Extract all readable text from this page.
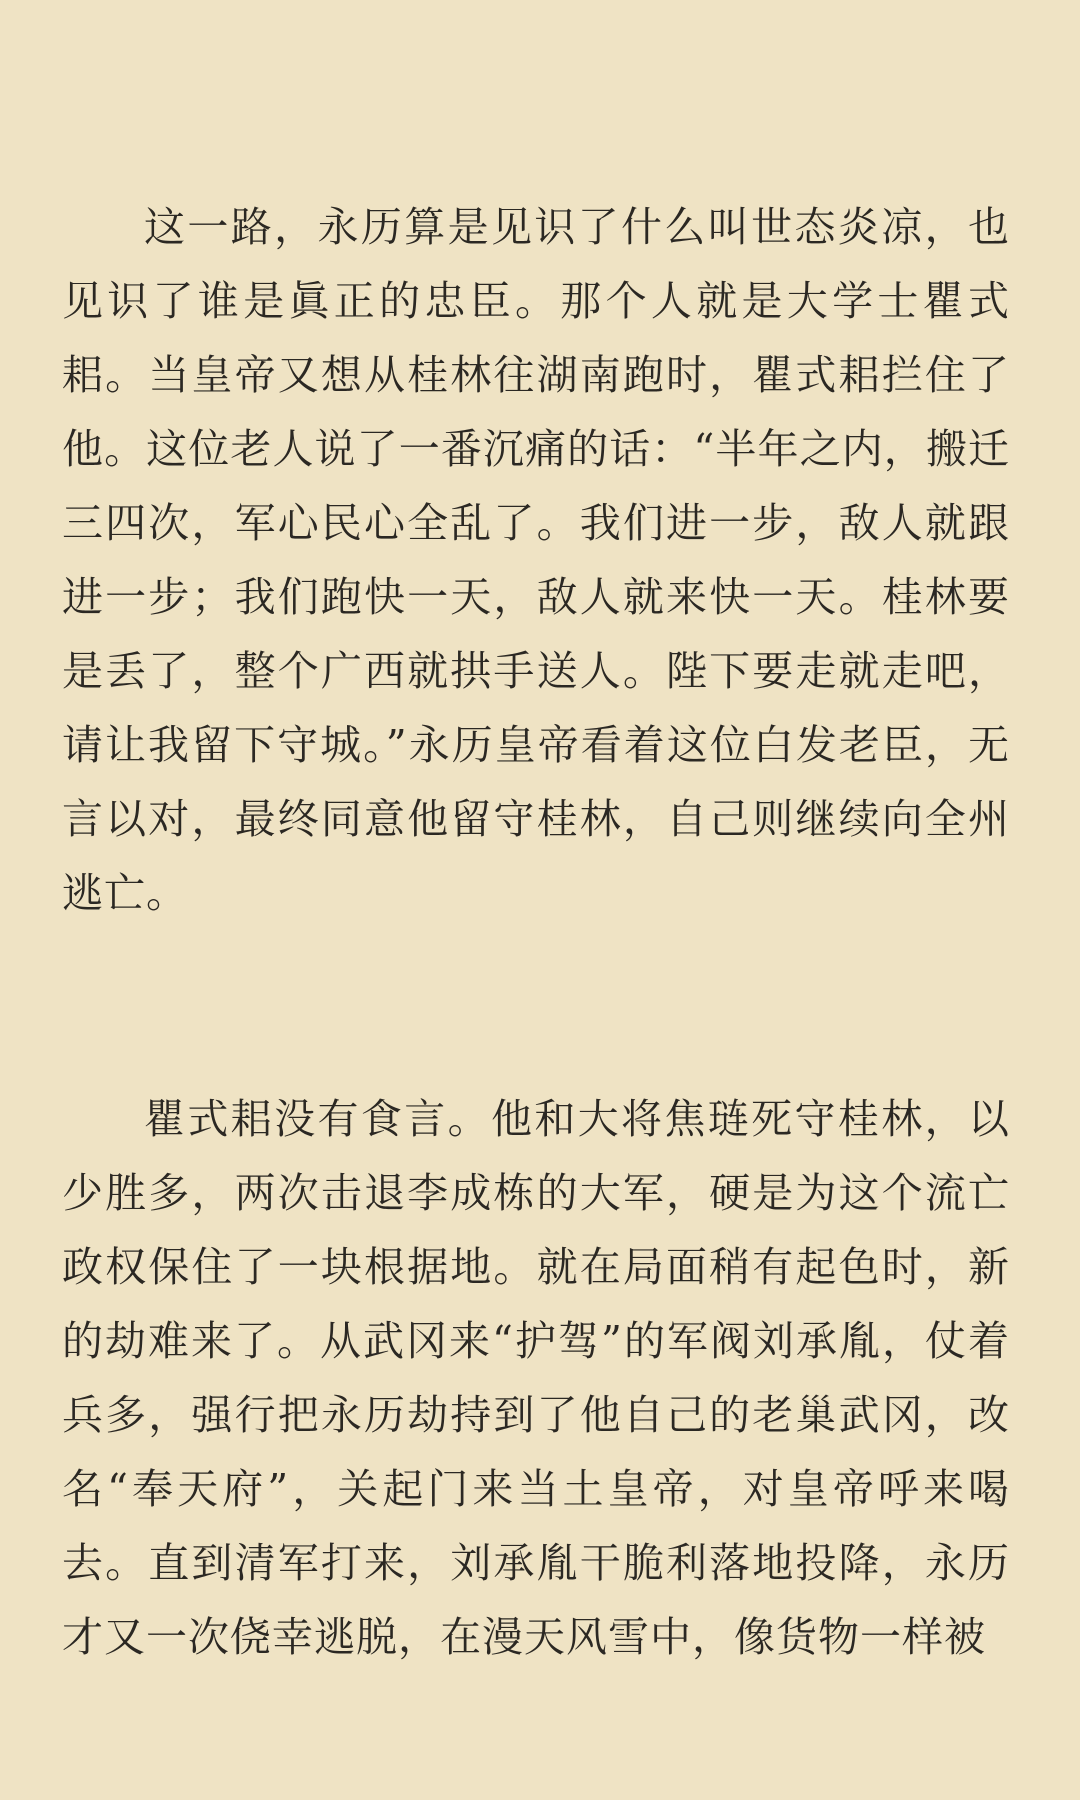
这一路，永历算是见识了什么叫世态炎凉，也见识了谁是眞正的忠臣。那个人就是大学士瞿式耜。当皇帝又想从桂林往湖南跑时，瞿式耜拦住了他。这位老人说了一番沉痛的话：“半年之内，搬迁三四次，军心民心全乱了。我们进一步，敌人就跟进一步；我们跑快一天，敌人就来快一天。桂林要是丢了，整个广西就拱手送人。陛下要走就走吧，请让我留下守城。”永历皇帝看着这位白发老臣，无言以对，最终同意他留守桂林，自己则继续向全州逃亡。

瞿式耜没有食言。他和大将焦琏死守桂林，以少胜多，两次击退李成栋的大军，硬是为这个流亡政权保住了一块根据地。就在局面稍有起色时，新的劫难来了。从武冈来“护驾”的军阀刘承胤，仗着兵多，强行把永历劫持到了他自己的老巢武冈，改名“奉天府”，关起门来当土皇帝，对皇帝呼来喝去。直到清军打来，刘承胤干脆利落地投降，永历才又一次侥幸逃脱，在漫天风雪中，像货物一样被
